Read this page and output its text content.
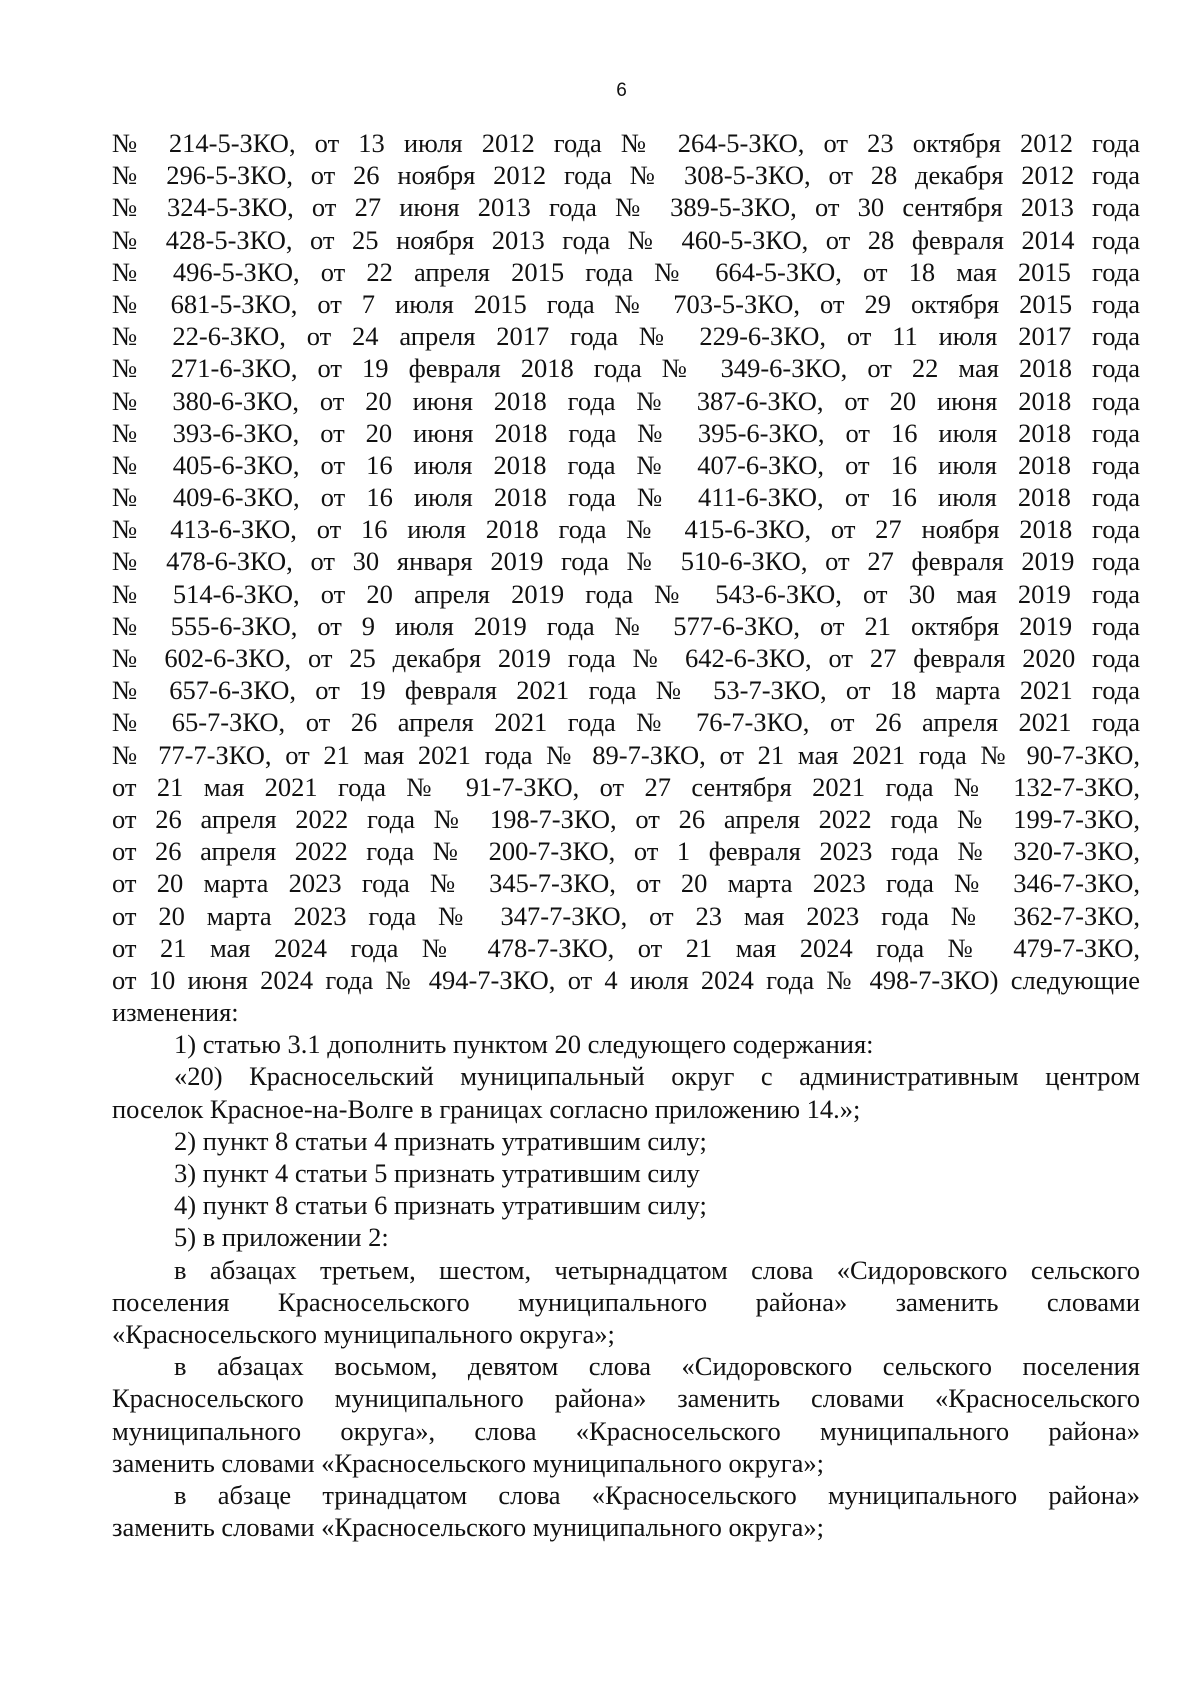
6
№ 214-5-ЗКО, от 13 июля 2012 года № 264-5-ЗКО, от 23 октября 2012 года
№ 296-5-ЗКО, от 26 ноября 2012 года № 308-5-ЗКО, от 28 декабря 2012 года
№ 324-5-ЗКО, от 27 июня 2013 года № 389-5-ЗКО, от 30 сентября 2013 года
№ 428-5-ЗКО, от 25 ноября 2013 года № 460-5-ЗКО, от 28 февраля 2014 года
№ 496-5-ЗКО, от 22 апреля 2015 года № 664-5-ЗКО, от 18 мая 2015 года
№ 681-5-ЗКО, от 7 июля 2015 года № 703-5-ЗКО, от 29 октября 2015 года
№ 22-6-ЗКО, от 24 апреля 2017 года № 229-6-ЗКО, от 11 июля 2017 года
№ 271-6-ЗКО, от 19 февраля 2018 года № 349-6-ЗКО, от 22 мая 2018 года
№ 380-6-ЗКО, от 20 июня 2018 года № 387-6-ЗКО, от 20 июня 2018 года
№ 393-6-ЗКО, от 20 июня 2018 года № 395-6-ЗКО, от 16 июля 2018 года
№ 405-6-ЗКО, от 16 июля 2018 года № 407-6-ЗКО, от 16 июля 2018 года
№ 409-6-ЗКО, от 16 июля 2018 года № 411-6-ЗКО, от 16 июля 2018 года
№ 413-6-ЗКО, от 16 июля 2018 года № 415-6-ЗКО, от 27 ноября 2018 года
№ 478-6-ЗКО, от 30 января 2019 года № 510-6-ЗКО, от 27 февраля 2019 года
№ 514-6-ЗКО, от 20 апреля 2019 года № 543-6-ЗКО, от 30 мая 2019 года
№ 555-6-ЗКО, от 9 июля 2019 года № 577-6-ЗКО, от 21 октября 2019 года
№ 602-6-ЗКО, от 25 декабря 2019 года № 642-6-ЗКО, от 27 февраля 2020 года
№ 657-6-ЗКО, от 19 февраля 2021 года № 53-7-ЗКО, от 18 марта 2021 года
№ 65-7-ЗКО, от 26 апреля 2021 года № 76-7-ЗКО, от 26 апреля 2021 года
№ 77-7-ЗКО, от 21 мая 2021 года № 89-7-ЗКО, от 21 мая 2021 года № 90-7-ЗКО,
от 21 мая 2021 года № 91-7-ЗКО, от 27 сентября 2021 года № 132-7-ЗКО,
от 26 апреля 2022 года № 198-7-ЗКО, от 26 апреля 2022 года № 199-7-ЗКО,
от 26 апреля 2022 года № 200-7-ЗКО, от 1 февраля 2023 года № 320-7-ЗКО,
от 20 марта 2023 года № 345-7-ЗКО, от 20 марта 2023 года № 346-7-ЗКО,
от 20 марта 2023 года № 347-7-ЗКО, от 23 мая 2023 года № 362-7-ЗКО,
от 21 мая 2024 года № 478-7-ЗКО, от 21 мая 2024 года № 479-7-ЗКО,
от 10 июня 2024 года № 494-7-ЗКО, от 4 июля 2024 года № 498-7-ЗКО) следующие
изменения:
1) статью 3.1 дополнить пунктом 20 следующего содержания:
«20) Красносельский муниципальный округ с административным центром
поселок Красное-на-Волге в границах согласно приложению 14.»;
2) пункт 8 статьи 4 признать утратившим силу;
3) пункт 4 статьи 5 признать утратившим силу
4) пункт 8 статьи 6 признать утратившим силу;
5) в приложении 2:
в абзацах третьем, шестом, четырнадцатом слова «Сидоровского сельского
поселения Красносельского муниципального района» заменить словами
«Красносельского муниципального округа»;
в абзацах восьмом, девятом слова «Сидоровского сельского поселения
Красносельского муниципального района» заменить словами «Красносельского
муниципального округа», слова «Красносельского муниципального района»
заменить словами «Красносельского муниципального округа»;
в абзаце тринадцатом слова «Красносельского муниципального района»
заменить словами «Красносельского муниципального округа»;
